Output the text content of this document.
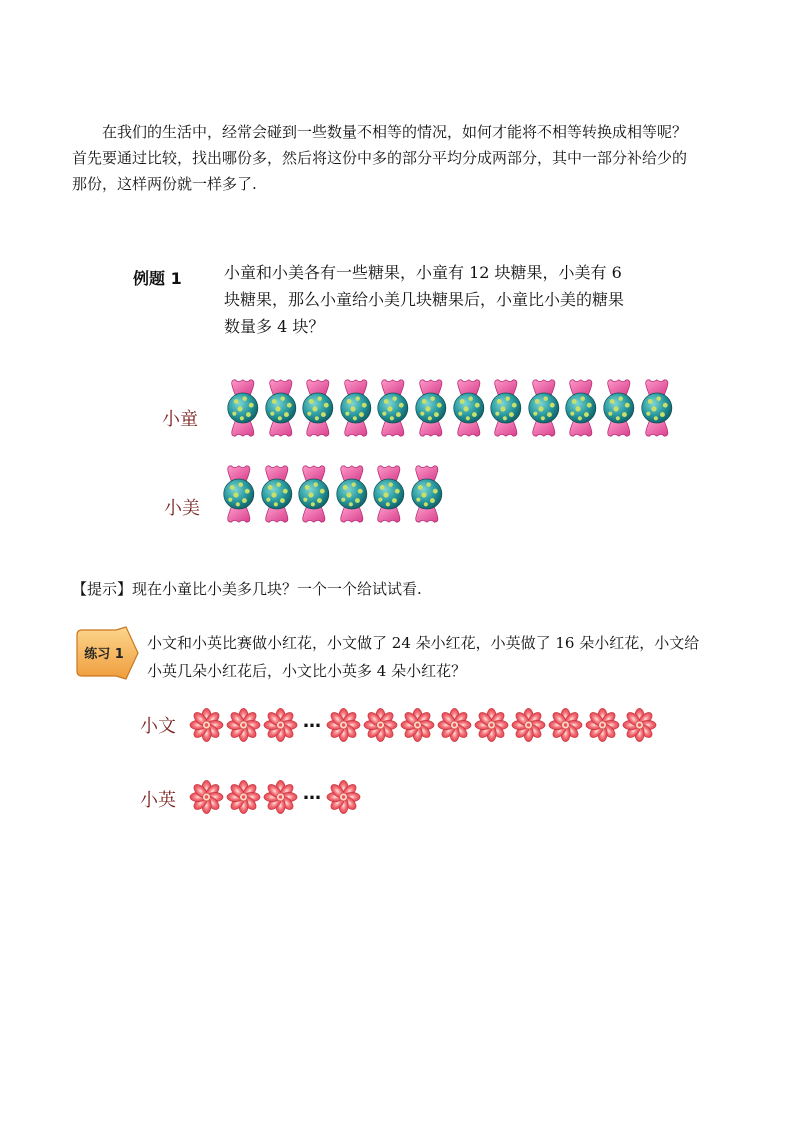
在我们的生活中，经常会碰到一些数量不相等的情况，如何才能将不相等转换成相等呢？

首先要通过比较，找出哪份多，然后将这份中多的部分平均分成两部分，其中一部分补给少的

那份，这样两份就一样多了.

例题 1	小童和小美各有一些糖果，小童有 12 块糖果，小美有 6

块糖果，那么小童给小美几块糖果后，小童比小美的糖果

数量多 4 块？

小童
小美
【提示】现在小童比小美多几块？一个一个给试试看.
练习 1

小文和小英比赛做小红花，小文做了 24 朵小红花，小英做了 16 朵小红花，小文给

小英几朵小红花后，小文比小英多 4 朵小红花？

小文	…
小英	…
